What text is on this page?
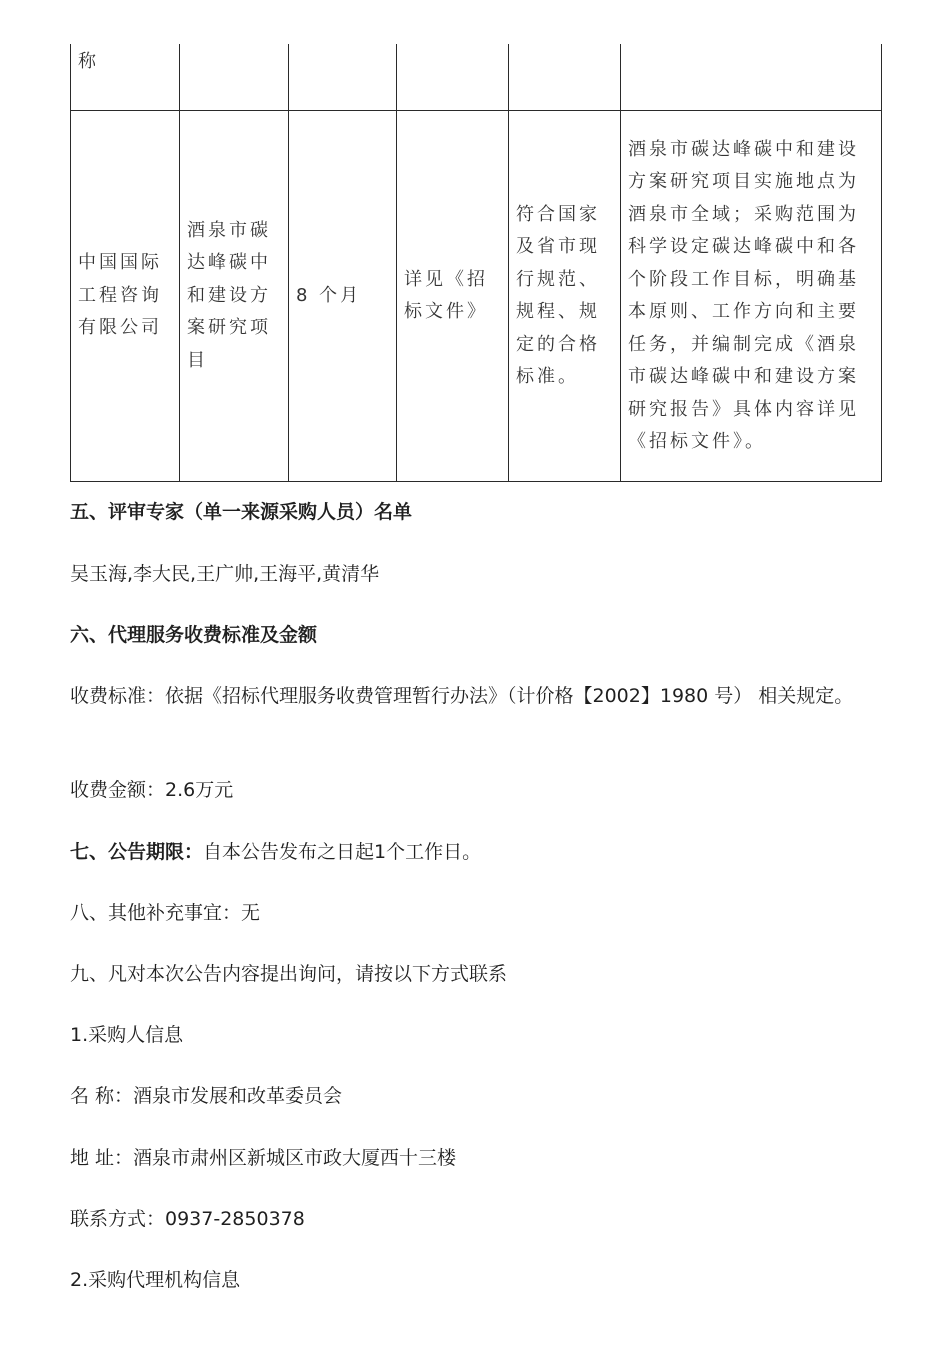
称					
中国国际工程咨询有限公司	酒泉市碳达峰碳中和建设方案研究项目	8 个月	详见《招标文件》	符合国家及省市现行规范、规程、规定的合格标准。	酒泉市碳达峰碳中和建设方案研究项目实施地点为酒泉市全域；采购范围为科学设定碳达峰碳中和各个阶段工作目标，明确基本原则、工作方向和主要任务，并编制完成《酒泉市碳达峰碳中和建设方案研究报告》具体内容详见《招标文件》。
五、评审专家（单一来源采购人员）名单
吴玉海,李大民,王广帅,王海平,黄清华
六、代理服务收费标准及金额
收费标准：依据《招标代理服务收费管理暂行办法》（计价格【2002】1980 号） 相关规定。
收费金额：2.6万元
七、公告期限：自本公告发布之日起1个工作日。
八、其他补充事宜：无
九、凡对本次公告内容提出询问，请按以下方式联系
1.采购人信息
名 称：酒泉市发展和改革委员会
地 址：酒泉市肃州区新城区市政大厦西十三楼
联系方式：0937-2850378
2.采购代理机构信息
